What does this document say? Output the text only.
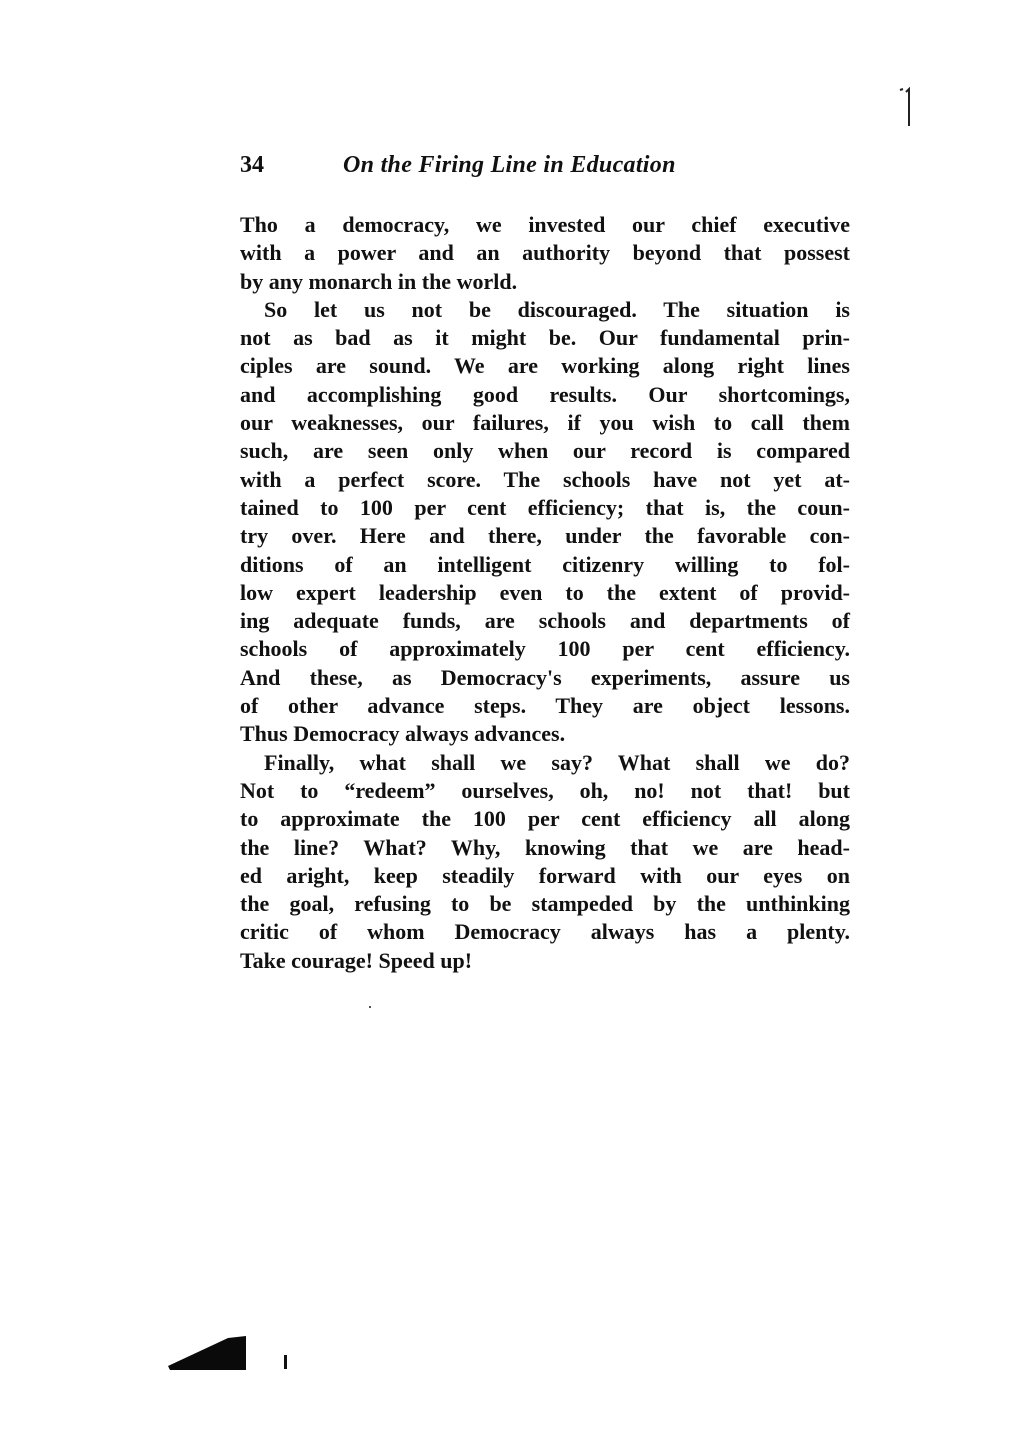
34	On the Firing Line in Education
Tho a democracy, we invested our chief executive
with a power and an authority beyond that possest
by any monarch in the world.
So let us not be discouraged. The situation is
not as bad as it might be. Our fundamental prin-
ciples are sound. We are working along right lines
and accomplishing good results. Our shortcomings,
our weaknesses, our failures, if you wish to call them
such, are seen only when our record is compared
with a perfect score. The schools have not yet at-
tained to 100 per cent efficiency; that is, the coun-
try over. Here and there, under the favorable con-
ditions of an intelligent citizenry willing to fol-
low expert leadership even to the extent of provid-
ing adequate funds, are schools and departments of
schools of approximately 100 per cent efficiency.
And these, as Democracy's experiments, assure us
of other advance steps. They are object lessons.
Thus Democracy always advances.
Finally, what shall we say? What shall we do?
Not to “redeem” ourselves, oh, no! not that! but
to approximate the 100 per cent efficiency all along
the line? What? Why, knowing that we are head-
ed aright, keep steadily forward with our eyes on
the goal, refusing to be stampeded by the unthinking
critic of whom Democracy always has a plenty.
Take courage! Speed up!
